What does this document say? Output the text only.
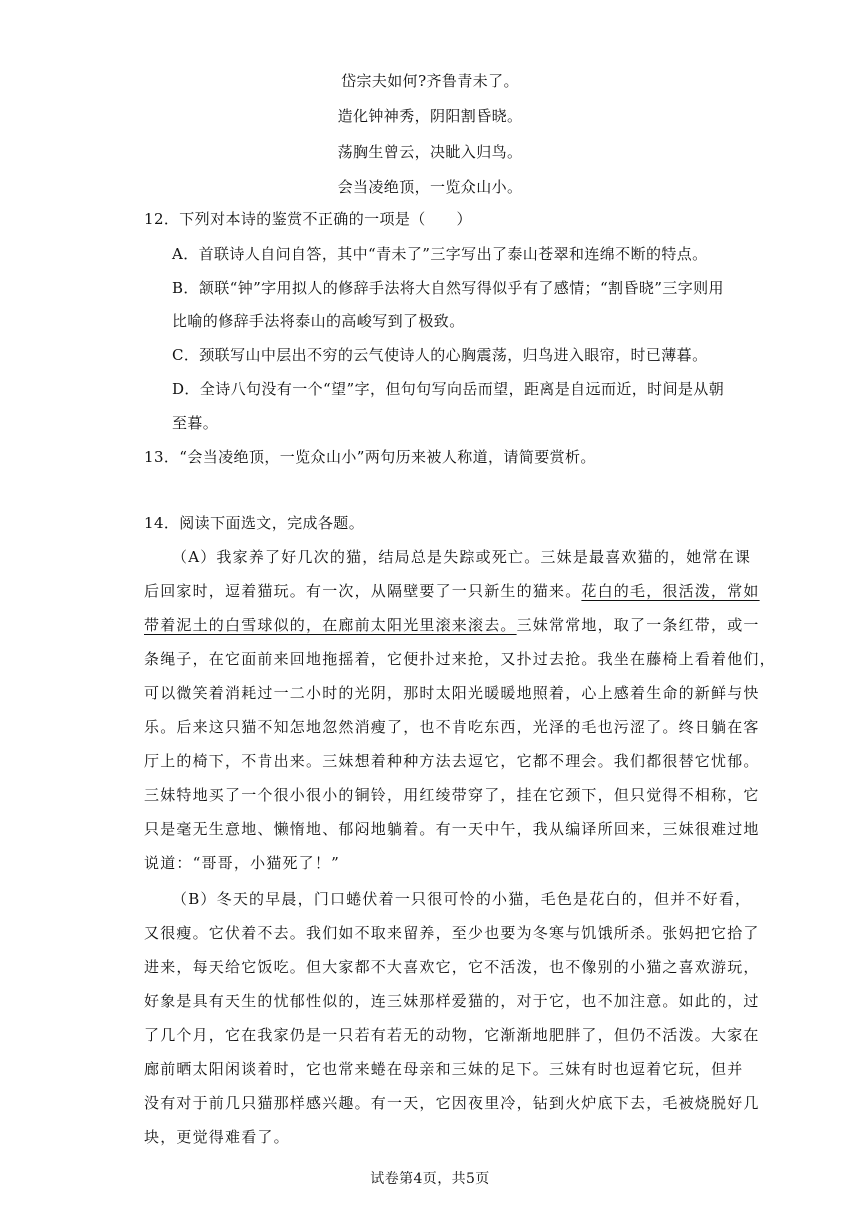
岱宗夫如何?齐鲁青未了。
造化钟神秀，阴阳割昏晓。
荡胸生曾云，决眦入归鸟。
会当凌绝顶，一览众山小。
12．下列对本诗的鉴赏不正确的一项是（　　）
A．首联诗人自问自答，其中“青未了”三字写出了泰山苍翠和连绵不断的特点。
B．颔联“钟”字用拟人的修辞手法将大自然写得似乎有了感情；“割昏晓”三字则用
比喻的修辞手法将泰山的高峻写到了极致。
C．颈联写山中层出不穷的云气使诗人的心胸震荡，归鸟进入眼帘，时已薄暮。
D．全诗八句没有一个“望”字，但句句写向岳而望，距离是自远而近，时间是从朝
至暮。
13．“会当凌绝顶，一览众山小”两句历来被人称道，请简要赏析。
14．阅读下面选文，完成各题。
（A）我家养了好几次的猫，结局总是失踪或死亡。三妹是最喜欢猫的，她常在课
后回家时，逗着猫玩。有一次，从隔壁要了一只新生的猫来。花白的毛，很活泼，常如
带着泥土的白雪球似的，在廊前太阳光里滚来滚去。三妹常常地，取了一条红带，或一
条绳子，在它面前来回地拖摇着，它便扑过来抢，又扑过去抢。我坐在藤椅上看着他们，
可以微笑着消耗过一二小时的光阴，那时太阳光暖暖地照着，心上感着生命的新鲜与快
乐。后来这只猫不知怎地忽然消瘦了，也不肯吃东西，光泽的毛也污涩了。终日躺在客
厅上的椅下，不肯出来。三妹想着种种方法去逗它，它都不理会。我们都很替它忧郁。
三妹特地买了一个很小很小的铜铃，用红绫带穿了，挂在它颈下，但只觉得不相称，它
只是毫无生意地、懒惰地、郁闷地躺着。有一天中午，我从编译所回来，三妹很难过地
说道：“哥哥，小猫死了！”
（B）冬天的早晨，门口蜷伏着一只很可怜的小猫，毛色是花白的，但并不好看，
又很瘦。它伏着不去。我们如不取来留养，至少也要为冬寒与饥饿所杀。张妈把它拾了
进来，每天给它饭吃。但大家都不大喜欢它，它不活泼，也不像别的小猫之喜欢游玩，
好象是具有天生的忧郁性似的，连三妹那样爱猫的，对于它，也不加注意。如此的，过
了几个月，它在我家仍是一只若有若无的动物，它渐渐地肥胖了，但仍不活泼。大家在
廊前晒太阳闲谈着时，它也常来蜷在母亲和三妹的足下。三妹有时也逗着它玩，但并
没有对于前几只猫那样感兴趣。有一天，它因夜里冷，钻到火炉底下去，毛被烧脱好几
块，更觉得难看了。
试卷第4页，共5页
